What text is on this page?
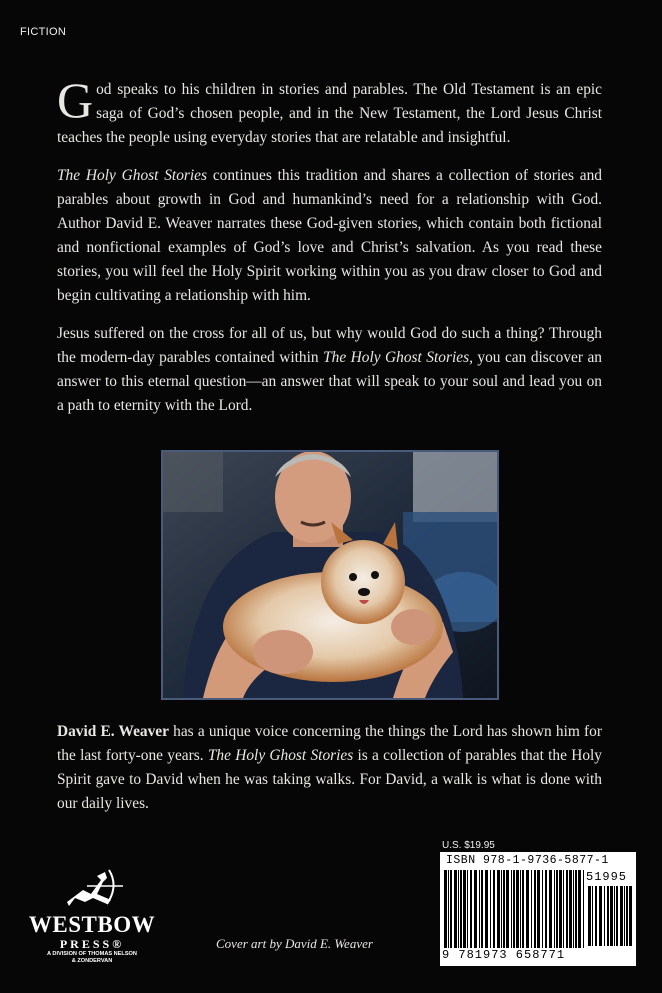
FICTION

God speaks to his children in stories and parables. The Old Testament is an epic saga of God’s chosen people, and in the New Testament, the Lord Jesus Christ teaches the people using everyday stories that are relatable and insightful.

The Holy Ghost Stories continues this tradition and shares a collection of stories and parables about growth in God and humankind’s need for a relationship with God. Author David E. Weaver narrates these God-given stories, which contain both fictional and nonfictional examples of God’s love and Christ’s salvation. As you read these stories, you will feel the Holy Spirit working within you as you draw closer to God and begin cultivating a relationship with him.

Jesus suffered on the cross for all of us, but why would God do such a thing? Through the modern-day parables contained within The Holy Ghost Stories, you can discover an answer to this eternal question—an answer that will speak to your soul and lead you on a path to eternity with the Lord.

David E. Weaver has a unique voice concerning the things the Lord has shown him for the last forty-one years. The Holy Ghost Stories is a collection of parables that the Holy Spirit gave to David when he was taking walks. For David, a walk is what is done with our daily lives.
WESTBOW
PRESS®
A DIVISION OF THOMAS NELSON
& ZONDERVAN
Cover art by David E. Weaver
U.S. $19.95
ISBN 978-1-9736-5877-1
51995
9 781973 658771
